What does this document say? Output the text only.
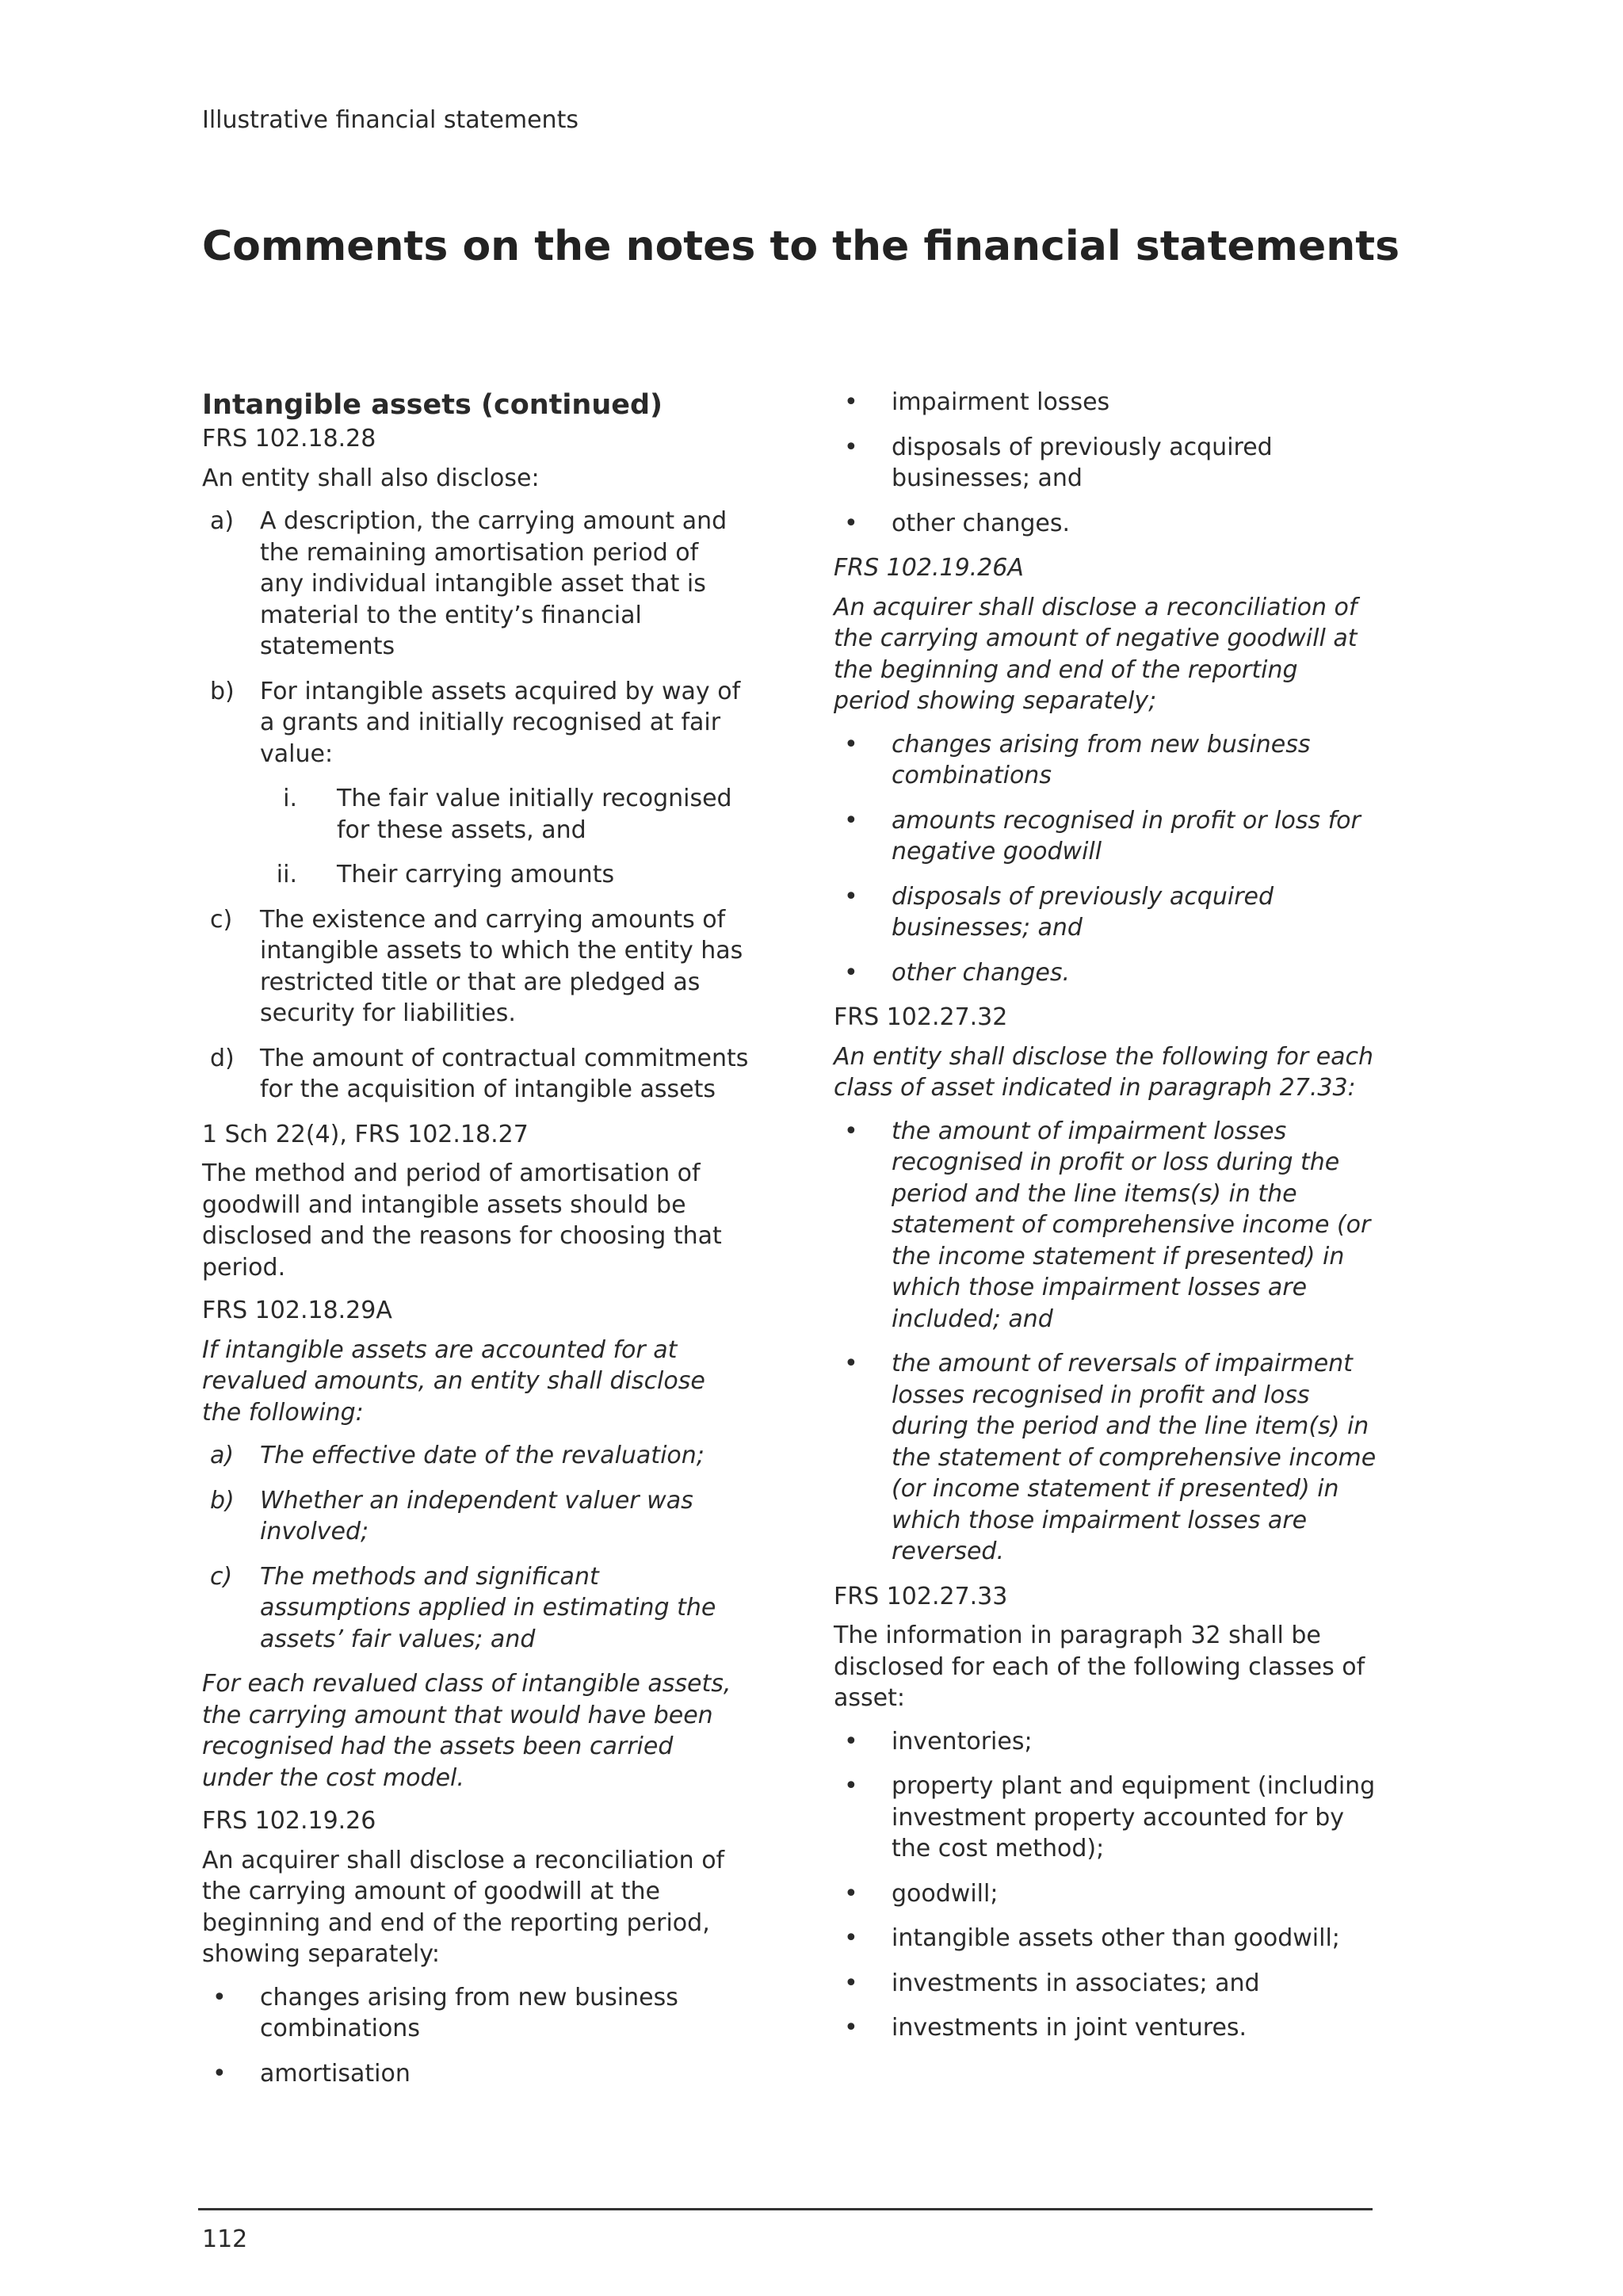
Illustrative financial statements
Comments on the notes to the financial statements

Intangible assets (continued)

FRS 102.18.28

An entity shall also disclose:

a) A description, the carrying amount and the remaining amortisation period of any individual intangible asset that is material to the entity’s financial statements
b) For intangible assets acquired by way of a grants and initially recognised at fair value:
i. The fair value initially recognised for these assets, and
ii. Their carrying amounts
c) The existence and carrying amounts of intangible assets to which the entity has restricted title or that are pledged as security for liabilities.
d) The amount of contractual commitments for the acquisition of intangible assets

1 Sch 22(4), FRS 102.18.27

The method and period of amortisation of goodwill and intangible assets should be disclosed and the reasons for choosing that period.

FRS 102.18.29A

If intangible assets are accounted for at revalued amounts, an entity shall disclose the following:

a) The effective date of the revaluation;
b) Whether an independent valuer was involved;
c) The methods and significant assumptions applied in estimating the assets’ fair values; and

For each revalued class of intangible assets, the carrying amount that would have been recognised had the assets been carried under the cost model.

FRS 102.19.26

An acquirer shall disclose a reconciliation of the carrying amount of goodwill at the beginning and end of the reporting period, showing separately:

• changes arising from new business combinations
• amortisation
• impairment losses
• disposals of previously acquired businesses; and
• other changes.

FRS 102.19.26A

An acquirer shall disclose a reconciliation of the carrying amount of negative goodwill at the beginning and end of the reporting period showing separately;

• changes arising from new business combinations
• amounts recognised in profit or loss for negative goodwill
• disposals of previously acquired businesses; and
• other changes.

FRS 102.27.32

An entity shall disclose the following for each class of asset indicated in paragraph 27.33:

• the amount of impairment losses recognised in profit or loss during the period and the line items(s) in the statement of comprehensive income (or the income statement if presented) in which those impairment losses are included; and
• the amount of reversals of impairment losses recognised in profit and loss during the period and the line item(s) in the statement of comprehensive income (or income statement if presented) in which those impairment losses are reversed.

FRS 102.27.33

The information in paragraph 32 shall be disclosed for each of the following classes of asset:

• inventories;
• property plant and equipment (including investment property accounted for by the cost method);
• goodwill;
• intangible assets other than goodwill;
• investments in associates; and
• investments in joint ventures.
112
